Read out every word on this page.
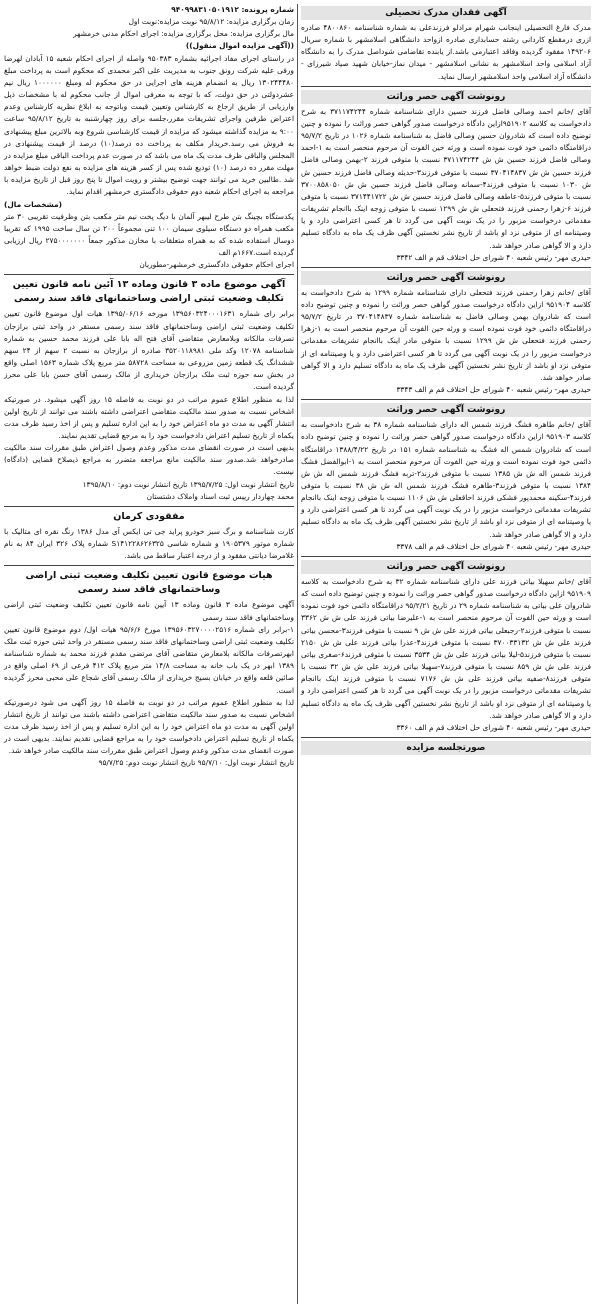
آگهی فقدان مدرک تحصیلی

مدرک فارغ التحصیلی اینجانب شهرام مرادلو فرزندعلی به شماره شناسنامه ۴۸۰۰۸۶۰ صادره ازری درمقطع کاردانی رشته حسابداری صادره ازواحد دانشگاهی اسلامشهر با شماره سریال ۱۴۹۲۰۶ مفقود گردیده وفاقد اعتبارمی باشد.از یابنده تقاضامی شوداصل مدرک را به دانشگاه آزاد اسلامی واحد اسلامشهر به نشانی اسلامشهر - میدان نماز-خیابان شهید صیاد شیرزای - دانشگاه آزاد اسلامی واحد اسلامشهر ارسال نماید.

رونوشت آگهی حصر وراثت

آقای /خانم احمد وصالی فاضل فرزند حسین دارای شناسنامه شماره ۳۷۱۱۷۴۲۴۴ به شرح دادخواست به کلاسه ۹۵۱۹۰۲ازاین دادگاه درخواست صدور گواهی حصر وراثت را نموده و چنین توضیح داده است که شادروان حسین وصالی فاضل به شناسنامه شماره ۱۰۲۶ در تاریخ ۹۵/۷/۲ دراقامتگاه دائمی خود فوت نموده است و ورثه حین الفوت آن مرحوم منحصر است به ۱-احمد وصالی فاضل فرزند حسین ش ش ۳۷۱۱۷۴۲۴۴ نسبت با متوفی فرزند ۲-بهمن وصالی فاضل فرزند حسین ش ش ۳۷۰۴۱۴۸۳۷ نسبت با متوفی فرزند۳-حدیثه وصالی فاضل فرزند حسین ش ش ۱۰۳۰ نسبت با متوفی فرزند۴-سمانه وصالی فاضل فرزند حسین ش ش ۳۷۰۰۸۵۸۰۵۰ نسبت با متوفی فرزند۵-عاطفه وصالی فاضل فرزند حسین ش ش ۳۷۱۴۴۱۷۲۲ نسبت با متوفی فرزند ۶-زهرا رحمنی فرزند فتحعلی ش ش ۱۲۹۹ نسبت با متوفی زوجه اینک باانجام تشریفات مقدماتی درخواست مزبور را در یک نوبت آگهی می گردد تا هر کسی اعتراضی دارد و یا وصیتنامه ای از متوفی نزد او باشد از تاریخ نشر نخستین آگهی ظرف یک ماه به دادگاه تسلیم دارد و الا گواهی صادر خواهد شد.

حیدری مهر- رئیس شعبه ۴۰ شورای حل اختلاف قم م الف ۳۳۴۲

رونوشت آگهی حصر وراثت

آقای /خانم زهرا رحمنی فرزند فتحعلی دارای شناسنامه شماره ۱۲۹۹ به شرح دادخواست به کلاسه ۹۵۱۹۰۴ ازاین دادگاه درخواست صدور گواهی حصر وراثت را نموده و چنین توضیح داده است که شادروان بهمن وصالی فاضل به شناسنامه شماره ۳۷۰۴۱۴۸۳۷ در تاریخ ۹۵/۷/۲ دراقامتگاه دائمی خود فوت نموده است و ورثه حین الفوت آن مرحوم منحصر است به ۱-زهرا رحمنی فرزند فتحعلی ش ش ۱۲۹۹ نسبت با متوفی مادر اینک باانجام تشریفات مقدماتی درخواست مزبور را در یک نوبت آگهی می گردد تا هر کسی اعتراضی دارد و یا وصیتنامه ای از متوفی نزد او باشد از تاریخ نشر نخستین آگهی ظرف یک ماه به دادگاه تسلیم دارد و الا گواهی صادر خواهد شد.

حیدری مهر- رئیس شعبه ۴۰ شورای حل اختلاف قم م الف ۳۳۴۳

رونوشت آگهی حصر وراثت

آقای /خانم طاهره فشگ فرزند شمس اله دارای شناسنامه شماره ۳۸ به شرح دادخواست به کلاسه ۹۵۱۹۰۳ ازاین دادگاه درخواست صدور گواهی حصر وراثت را نموده و چنین توضیح داده است که شادروان شمس اله فشگ به شناسنامه شماره ۱۵۱ در تاریخ ۱۳۸۸/۴/۲۲ دراقامتگاه دائمی خود فوت نموده است و ورثه حین الفوت آن مرحوم منحصر است به ۱-ابوالفضل فشگ فرزند شمس اله ش ش ۱۳۸۵ نسبت با متوفی فرزند۲-تربه فشگ فرزند شمس اله ش ش ۱۳۸۴ نسبت با متوفی فرزند۳-طاهره فشگ فرزند شمس اله ش ش ۳۸ نسبت با متوفی فرزند۴-سکینه محمدپور فشکی فرزند احاقعلی ش ش ۱۱۰۶ نسبت با متوفی زوجه اینک باانجام تشریفات مقدماتی درخواست مزبور را در یک نوبت آگهی می گردد تا هر کسی اعتراضی دارد و یا وصیتنامه ای از متوفی نزد او باشد از تاریخ نشر نخستین آگهی ظرف یک ماه به دادگاه تسلیم دارد و الا گواهی صادر خواهد شد.

حیدری مهر- رئیس شعبه ۴۰ شورای حل اختلاف قم م الف ۳۳۷۸

رونوشت آگهی حصر وراثت

آقای /خانم سهیلا بیاتی فرزند علی دارای شناسنامه شماره ۳۲ به شرح دادخواست به کلاسه ۹۵۱۹۰۹ ازاین دادگاه درخواست صدور گواهی حصر وراثت را نموده و چنین توضیح داده است که شادروان علی بیاتی به شناسنامه شماره ۲۹ در تاریخ ۹۵/۲/۲۱ دراقامتگاه دائمی خود فوت نموده است و ورثه حین الفوت آن مرحوم منحصر است به ۱-علیرضا بیاتی فرزند علی ش ش ۳۳۶۲ نسبت با متوفی فرزند۲-رجبعلی بیاتی فرزند علی ش ش ۹ نسبت با متوفی فرزند۳-محسن بیاتی فرزند علی ش ش ۳۷۰۰۳۳۱۳۲ نسبت با متوفی فرزند۴-عذرا بیاتی فرزند علی ش ش ۲۱۵۰ نسبت با متوفی فرزند۵-لیلا بیاتی فرزند علی ش ش ۳۵۳۴ نسبت با متوفی فرزند۶-صغری بیاتی فرزند علی ش ش ۸۵۹ نسبت با متوفی فرزند۷-سهیلا بیاتی فرزند علی ش ش ۳۲ نسبت با متوفی فرزند۸-صفیه بیاتی فرزند علی ش ش ۷۱۷۶ نسبت با متوفی فرزند اینک باانجام تشریفات مقدماتی درخواست مزبور را در یک نوبت آگهی می گردد تا هر کسی اعتراضی دارد و یا وصیتنامه ای از متوفی نزد او باشد از تاریخ نشر نخستین آگهی ظرف یک ماه به دادگاه تسلیم دارد و الا گواهی صادر خواهد شد.

حیدری مهر- رئیس شعبه ۴۰ شورای حل اختلاف قم م الف ۳۳۶۰

صورتجلسه مزایده

شماره پرونده: ۹۴۰۹۹۸۳۱۰۵۰۱۹۱۲

زمان برگزاری مزایده: ۹۵/۸/۱۲ نوبت مزایده:نوبت اول

مال برگزاری مزایده: محل برگزاری مزایده: اجرای احکام مدنی خرمشهر

((آگهی مزایده اموال منقول))

در راستای اجرای مفاد اجرائیه بشماره ۹۵۰۳۸۳ واصله از اجرای احکام شعبه ۱۵ آبادان لهرضا ورقی علیه شرکت رونق جنوب به مدیریت علی اکبر محمدی که محکوم است به پرداخت مبلغ ۱۳۰۲۴۴۴۸۰ ریال به انضمام هزینه های اجرایی در حق محکوم له ومبلغ ۱۰۰۰۰۰۰ ریال نیم عشردولتی در حق دولت، که با توجه به معرفی اموال از جانب محکوم له با مشخصات ذیل وارزیابی از طریق ارجاع به کارشناس وتعیین قیمت وباتوجه به ابلاغ نظریه کارشناس وعدم اعتراض طرفین واجرای تشریفات مقرر،جلسه برای روز چهارشنبه به تاریخ ۹۵/۸/۱۲ ساعت ۹:۰۰ به مزایده گذاشته میشود که مزایده از قیمت کارشناسی شروع وبه بالاترین مبلغ پیشنهادی به فروش می رسد.خریدار مکلف به پرداخت ده درصد(۱۰) درصد از قیمت پیشنهادی در المجلس والباقی ظرف مدت یک ماه می باشد که در صورت عدم پرداخت الباقی مبلغ مزایده در مهلت مقرر ده درصد (۱۰) تودیع شده پس از کسر هزینه های مزایده به نفع دولت ضبط خواهد شد .طالبین خرید می توانند جهت توضیح بیشتر و رویت اموال تا پنج روز قبل از تاریخ مزایده با مراجعه به اجرای احکام شعبه دوم حقوقی دادگستری خرمشهر اقدام نماید.

(مشخصات مال)

یکدستگاه بچینگ بتن طرح لیبهر آلمان با دیگ پخت نیم متر مکعب بتن وظرفیت تقریبی ۳۰ متر مکعب همراه دو دستگاه سیلوی سیمان ۱۰۰ تنی مجموعاً ۲۰۰ تن سال ساخت ۱۹۹۵ که تقریبا دوسال استفاده شده که به همراه متعلقات با مخازن مذکور جمعاً ۲۷۵۰۰۰۰۰۰۰ ریال ارزیابی گردیده است.۱۶۶۷م الف

اجرای احکام حقوقی دادگستری خرمشهر-مطوریان

آگهی موضوع ماده ۳ قانون وماده ۱۳ آئین نامه قانون تعیین تکلیف وضعیت ثبتی اراضی وساختمانهای فاقد سند رسمی

برابر رای شماره ۱۳۹۵۶۰۳۲۴۰۰۰۱۶۳۱ مورخه ۱۳۹۵/۰۶/۱۶ هیات اول موضوع قانون تعیین تکلیف وضعیت ثبتی اراضی وساختمانهای فاقد سند رسمی مستقر در واحد ثبتی برازجان تصرفات مالکانه وبلامعارض متقاضی آقای فتح اله بابا علی فرزند محمد حسین به شماره شناسنامه ۱۲۰۷۸ وکد ملی ۳۵۲۰۱۱۸۹۸۱ صادره از برازجان به نسبت ۲ سهم از ۲۴ سهم ششدانگ یک قطعه زمین مزروعی به مساحت ۵۸۷۲۸ متر مربع پلاک شماره ۱۵۶۳ اصلی واقع در بخش سه حوزه ثبت ملک برازجان خریداری از مالک رسمی آقای حسن بابا علی محرز گردیده است.

لذا به منظور اطلاع عموم مراتب در دو نوبت به فاصله ۱۵ روز آگهی میشود. در صورتیکه اشخاص نسبت به صدور سند مالکیت متقاضی اعتراضی داشته باشند می توانند از تاریخ اولین انتشار آگهی به مدت دو ماه اعتراض خود را به این اداره تسلیم و پس از اخذ رسید ظرف مدت یکماه از تاریخ تسلیم اعتراض دادخواست خود را به مرجع قضایی تقدیم نمایند.

بدیهی است در صورت انقضای مدت مذکور وعدم وصول اعتراض طبق مقررات سند مالکیت صادرخواهد شد.صدور سند مالکیت مانع مراجعه متضرر به مراجع ذیصلاح قضایی (دادگاه) نیست.

تاریخ انتشار نوبت اول: ۱۳۹۵/۷/۲۵ تاریخ انتشار نوبت دوم: ۱۳۹۵/۸/۱۰

محمد چهاردار رییس ثبت اسناد واملاک دشتستان

مفقودی کرمان

کارت شناسنامه و برگ سبز خودرو پراید جی تی ایکس آی مدل ۱۳۸۶ رنگ نقره ای متالیک با شماره موتور ۱۹۰۵۳۷۹ و شماره شاسی S۱۴۱۲۲۸۶۲۶۳۲۵ شماره پلاک ۳۲۶ ایران ۸۴ به نام غلامرضا دیانتی مفقود و از درجه اعتبار ساقط می باشد.

هیات موضوع قانون تعیین تکلیف وضعیت ثبتی اراضی وساختمانهای فاقد سند رسمی

آگهی موضوع ماده ۳ قانون وماده ۱۳ آیین نامه قانون تعیین تکلیف وضعیت ثبتی اراضی وساختمانهای فاقد سند رسمی

۱-برابر رای شماره ۱۳۹۵۶۰۳۲۷۰۰۰۰۲۵۱۶ مورخ ۹۵/۶/۶ هیات اول/ دوم موضوع قانون تعیین تکلیف وضعیت ثبتی اراضی وساختمانهای فاقد سند رسمی مستقر در واحد ثبتی حوزه ثبت ملک ابهرتصرفات مالکانه بلامعارض متقاضی آقای مرتضی مقدم فرزند محمد به شماره شناسنامه ۱۳۸۹ ابهر در یک باب خانه به مساحت ۱۴/۸ متر مربع پلاک ۴۱۲ فرعی از ۶۹ اصلی واقع در صائین قلعه واقع در خیابان بسیج خریداری از مالک رسمی آقای شجاع علی محبی محرز گردیده است.

لذا به منظور اطلاع عموم مراتب در دو نوبت به فاصله ۱۵ روز آگهی می شود درصورتیکه اشخاص نسبت به صدور سند مالکیت متقاضی اعتراضی داشته باشند می توانند از تاریخ انتشار اولین آگهی به مدت دو ماه اعتراض خود را به این اداره تسلیم و پس از اخذ رسید ظرف مدت یکماه از تاریخ تسلیم اعتراض دادخواست خود را به مراجع قضایی تقدیم نمایند. بدیهی است در صورت انقضای مدت مذکور وعدم وصول اعتراض طبق مقررات سند مالکیت صادر خواهد شد.

تاریخ انتشار نوبت اول: ۹۵/۷/۱۰ تاریخ انتشار نوبت دوم: ۹۵/۷/۲۵
